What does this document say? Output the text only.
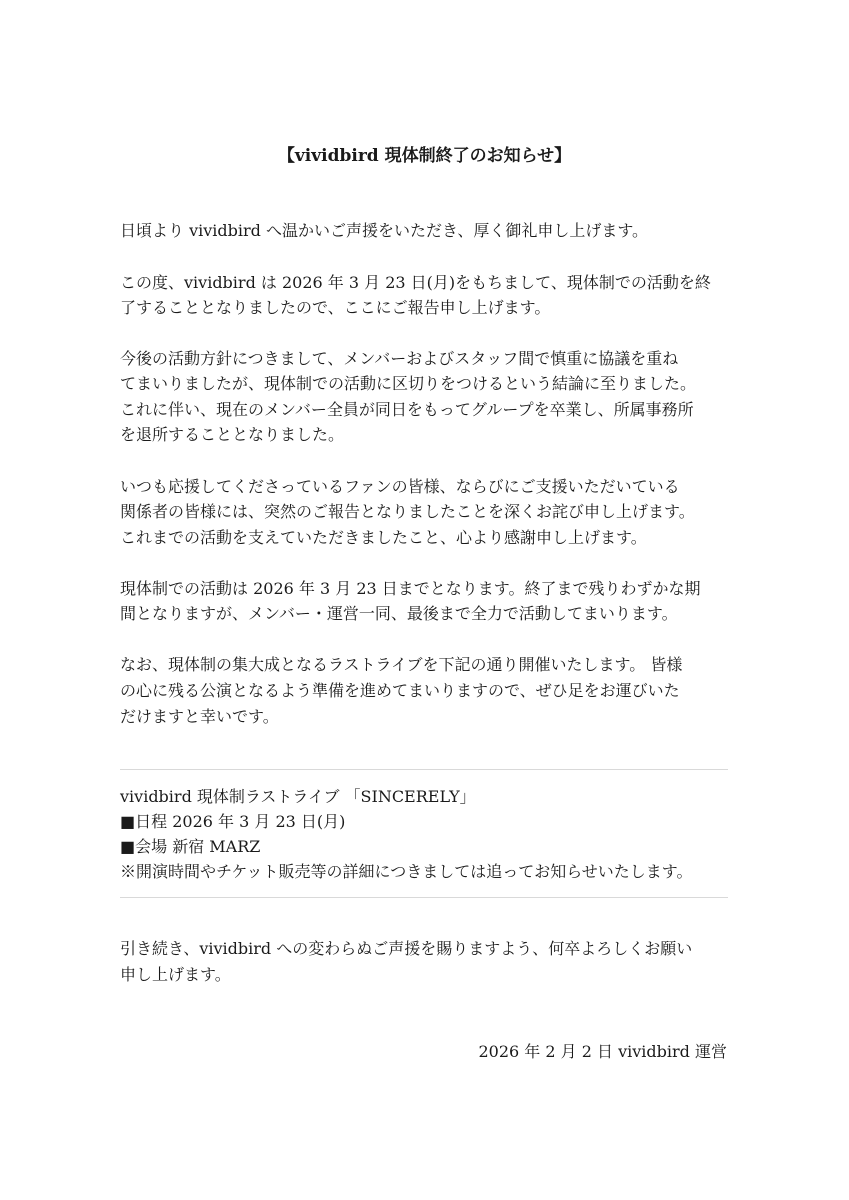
【vividbird 現体制終了のお知らせ】
日頃より vividbird へ温かいご声援をいただき、厚く御礼申し上げます。
この度、vividbird は 2026 年 3 月 23 日(月)をもちまして、現体制での活動を終
了することとなりましたので、ここにご報告申し上げます。
今後の活動方針につきまして、メンバーおよびスタッフ間で慎重に協議を重ね
てまいりましたが、現体制での活動に区切りをつけるという結論に至りました。
これに伴い、現在のメンバー全員が同日をもってグループを卒業し、所属事務所
を退所することとなりました。
いつも応援してくださっているファンの皆様、ならびにご支援いただいている
関係者の皆様には、突然のご報告となりましたことを深くお詫び申し上げます。
これまでの活動を支えていただきましたこと、心より感謝申し上げます。
現体制での活動は 2026 年 3 月 23 日までとなります。終了まで残りわずかな期
間となりますが、メンバー・運営一同、最後まで全力で活動してまいります。
なお、現体制の集大成となるラストライブを下記の通り開催いたします。 皆様
の心に残る公演となるよう準備を進めてまいりますので、ぜひ足をお運びいた
だけますと幸いです。
vividbird 現体制ラストライブ 「SINCERELY」
■日程 2026 年 3 月 23 日(月)
■会場 新宿 MARZ
※開演時間やチケット販売等の詳細につきましては追ってお知らせいたします。
引き続き、vividbird への変わらぬご声援を賜りますよう、何卒よろしくお願い
申し上げます。
2026 年 2 月 2 日 vividbird 運営
